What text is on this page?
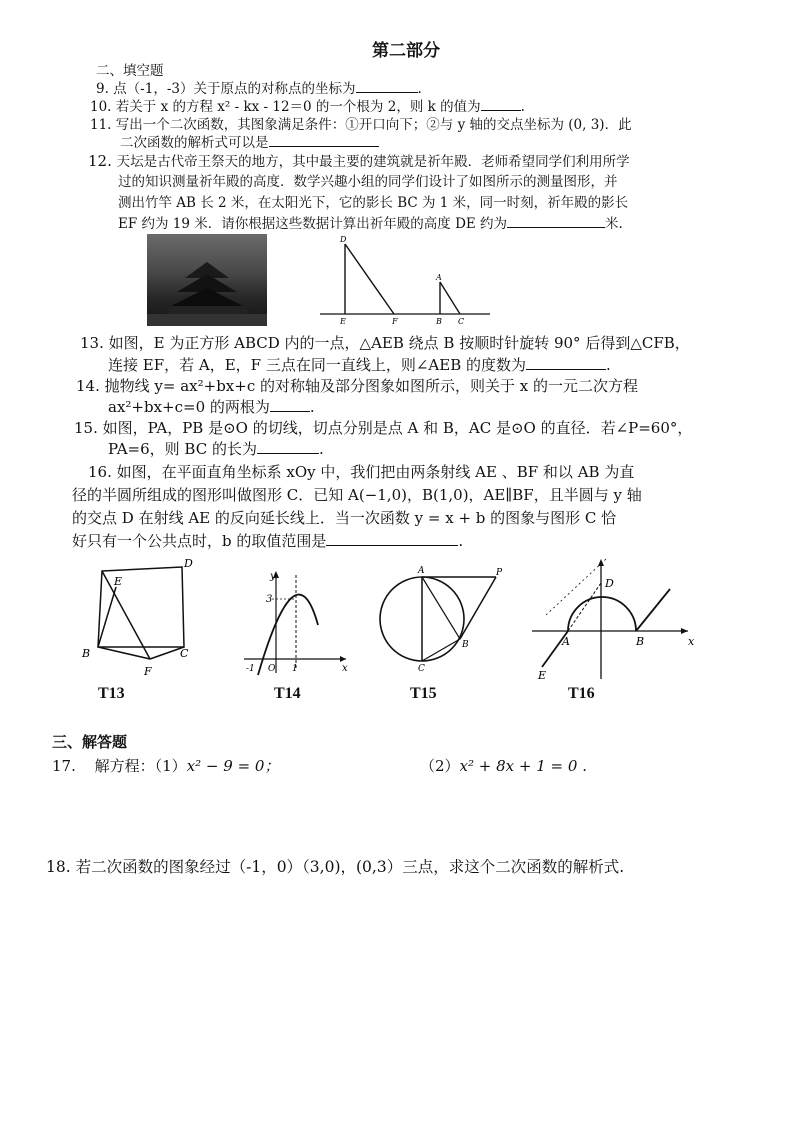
第二部分
二、填空题
9. 点（-1，-3）关于原点的对称点的坐标为	.
10. 若关于 x 的方程 x² - kx - 12＝0 的一个根为 2，则 k 的值为	.
11. 写出一个二次函数，其图象满足条件：①开口向下；②与 y 轴的交点坐标为 (0, 3)．此
二次函数的解析式可以是
12. 天坛是古代帝王祭天的地方，其中最主要的建筑就是祈年殿．老师希望同学们利用所学
过的知识测量祈年殿的高度．数学兴趣小组的同学们设计了如图所示的测量图形，并
测出竹竿 AB 长 2 米，在太阳光下，它的影长 BC 为 1 米，同一时刻，祈年殿的影长
EF 约为 19 米．请你根据这些数据计算出祈年殿的高度 DE 约为	米.
D
E	F
A
B C
13. 如图，E 为正方形 ABCD 内的一点，△AEB 绕点 B 按顺时针旋转 90° 后得到△CFB，
连接 EF，若 A，E，F 三点在同一直线上，则∠AEB 的度数为	.
14. 抛物线 y= ax²+bx+c 的对称轴及部分图象如图所示，则关于 x 的一元二次方程
ax²+bx+c=0 的两根为	.
15. 如图，PA，PB 是⊙O 的切线，切点分别是点 A 和 B，AC 是⊙O 的直径．若∠P=60°，
PA=6，则 BC 的长为	.
16. 如图，在平面直角坐标系 xOy 中，我们把由两条射线 AE 、BF 和以 AB 为直
径的半圆所组成的图形叫做图形 C．已知 A(−1,0)，B(1,0)，AE∥BF，且半圆与 y 轴
的交点 D 在射线 AE 的反向延长线上．当一次函数 y = x + b 的图象与图形 C 恰
好只有一个公共点时，b 的取值范围是	.
E
D
B	C
F
y
x
3
O 1
-1
A	P
B
C
D
A	B
E
x
T13	T14	T15	T16
三、解答题
17. 解方程：（1）x² − 9 = 0；	（2）x² + 8x + 1 = 0 .
18. 若二次函数的图象经过（-1，0）（3,0)，(0,3）三点，求这个二次函数的解析式.
